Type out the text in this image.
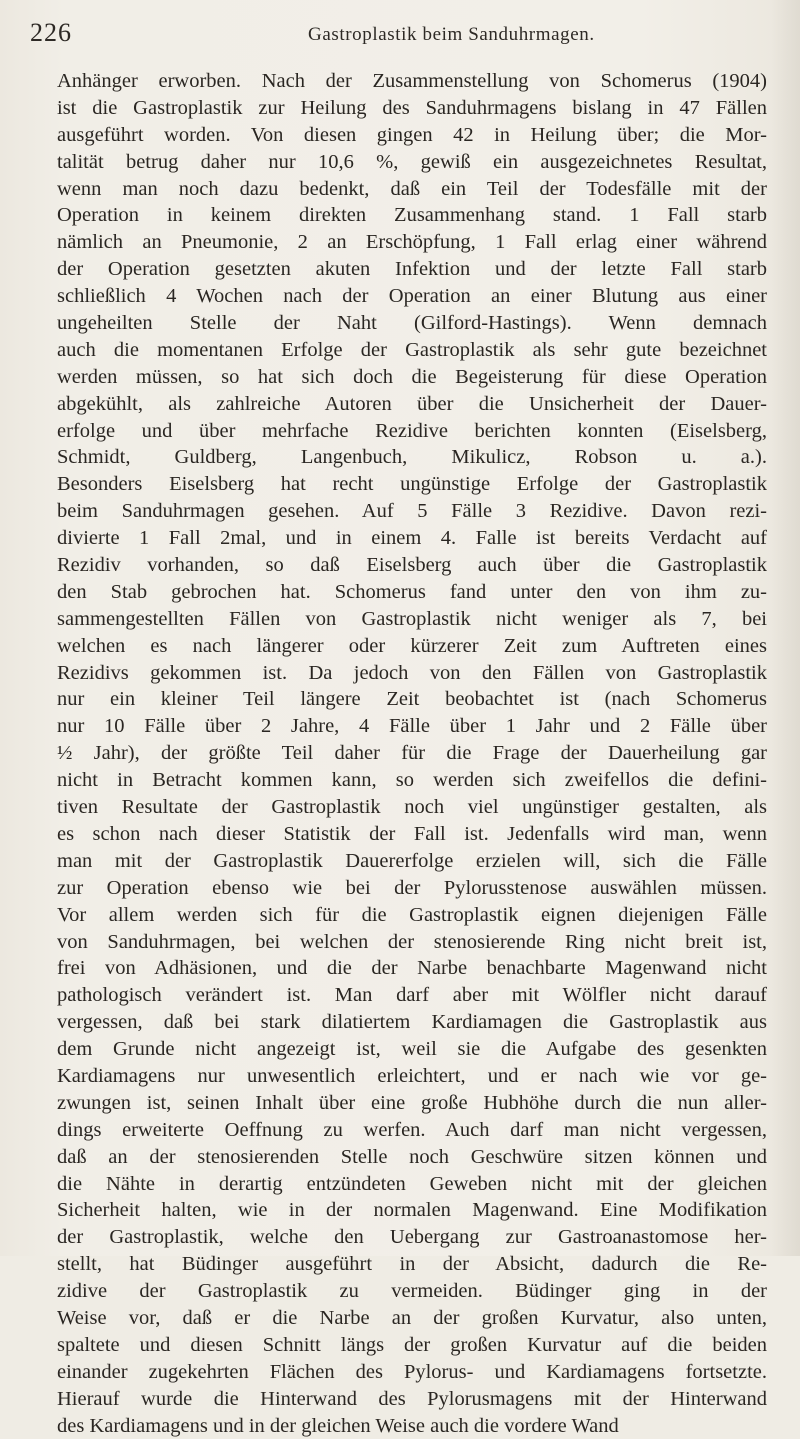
226	Gastroplastik beim Sanduhrmagen.
Anhänger erworben. Nach der Zusammenstellung von Schomerus (1904)
ist die Gastroplastik zur Heilung des Sanduhrmagens bislang in 47 Fällen
ausgeführt worden. Von diesen gingen 42 in Heilung über; die Mor-
talität betrug daher nur 10,6 %, gewiß ein ausgezeichnetes Resultat,
wenn man noch dazu bedenkt, daß ein Teil der Todesfälle mit der
Operation in keinem direkten Zusammenhang stand. 1 Fall starb
nämlich an Pneumonie, 2 an Erschöpfung, 1 Fall erlag einer während
der Operation gesetzten akuten Infektion und der letzte Fall starb
schließlich 4 Wochen nach der Operation an einer Blutung aus einer
ungeheilten Stelle der Naht (Gilford-Hastings). Wenn demnach
auch die momentanen Erfolge der Gastroplastik als sehr gute bezeichnet
werden müssen, so hat sich doch die Begeisterung für diese Operation
abgekühlt, als zahlreiche Autoren über die Unsicherheit der Dauer-
erfolge und über mehrfache Rezidive berichten konnten (Eiselsberg,
Schmidt, Guldberg, Langenbuch, Mikulicz, Robson u. a.).
Besonders Eiselsberg hat recht ungünstige Erfolge der Gastroplastik
beim Sanduhrmagen gesehen. Auf 5 Fälle 3 Rezidive. Davon rezi-
divierte 1 Fall 2mal, und in einem 4. Falle ist bereits Verdacht auf
Rezidiv vorhanden, so daß Eiselsberg auch über die Gastroplastik
den Stab gebrochen hat. Schomerus fand unter den von ihm zu-
sammengestellten Fällen von Gastroplastik nicht weniger als 7, bei
welchen es nach längerer oder kürzerer Zeit zum Auftreten eines
Rezidivs gekommen ist. Da jedoch von den Fällen von Gastroplastik
nur ein kleiner Teil längere Zeit beobachtet ist (nach Schomerus
nur 10 Fälle über 2 Jahre, 4 Fälle über 1 Jahr und 2 Fälle über
½ Jahr), der größte Teil daher für die Frage der Dauerheilung gar
nicht in Betracht kommen kann, so werden sich zweifellos die defini-
tiven Resultate der Gastroplastik noch viel ungünstiger gestalten, als
es schon nach dieser Statistik der Fall ist. Jedenfalls wird man, wenn
man mit der Gastroplastik Dauererfolge erzielen will, sich die Fälle
zur Operation ebenso wie bei der Pylorusstenose auswählen müssen.
Vor allem werden sich für die Gastroplastik eignen diejenigen Fälle
von Sanduhrmagen, bei welchen der stenosierende Ring nicht breit ist,
frei von Adhäsionen, und die der Narbe benachbarte Magenwand nicht
pathologisch verändert ist. Man darf aber mit Wölfler nicht darauf
vergessen, daß bei stark dilatiertem Kardiamagen die Gastroplastik aus
dem Grunde nicht angezeigt ist, weil sie die Aufgabe des gesenkten
Kardiamagens nur unwesentlich erleichtert, und er nach wie vor ge-
zwungen ist, seinen Inhalt über eine große Hubhöhe durch die nun aller-
dings erweiterte Oeffnung zu werfen. Auch darf man nicht vergessen,
daß an der stenosierenden Stelle noch Geschwüre sitzen können und
die Nähte in derartig entzündeten Geweben nicht mit der gleichen
Sicherheit halten, wie in der normalen Magenwand. Eine Modifikation
der Gastroplastik, welche den Uebergang zur Gastroanastomose her-
stellt, hat Büdinger ausgeführt in der Absicht, dadurch die Re-
zidive der Gastroplastik zu vermeiden. Büdinger ging in der
Weise vor, daß er die Narbe an der großen Kurvatur, also unten,
spaltete und diesen Schnitt längs der großen Kurvatur auf die beiden
einander zugekehrten Flächen des Pylorus- und Kardiamagens fortsetzte.
Hierauf wurde die Hinterwand des Pylorusmagens mit der Hinterwand
des Kardiamagens und in der gleichen Weise auch die vordere Wand
